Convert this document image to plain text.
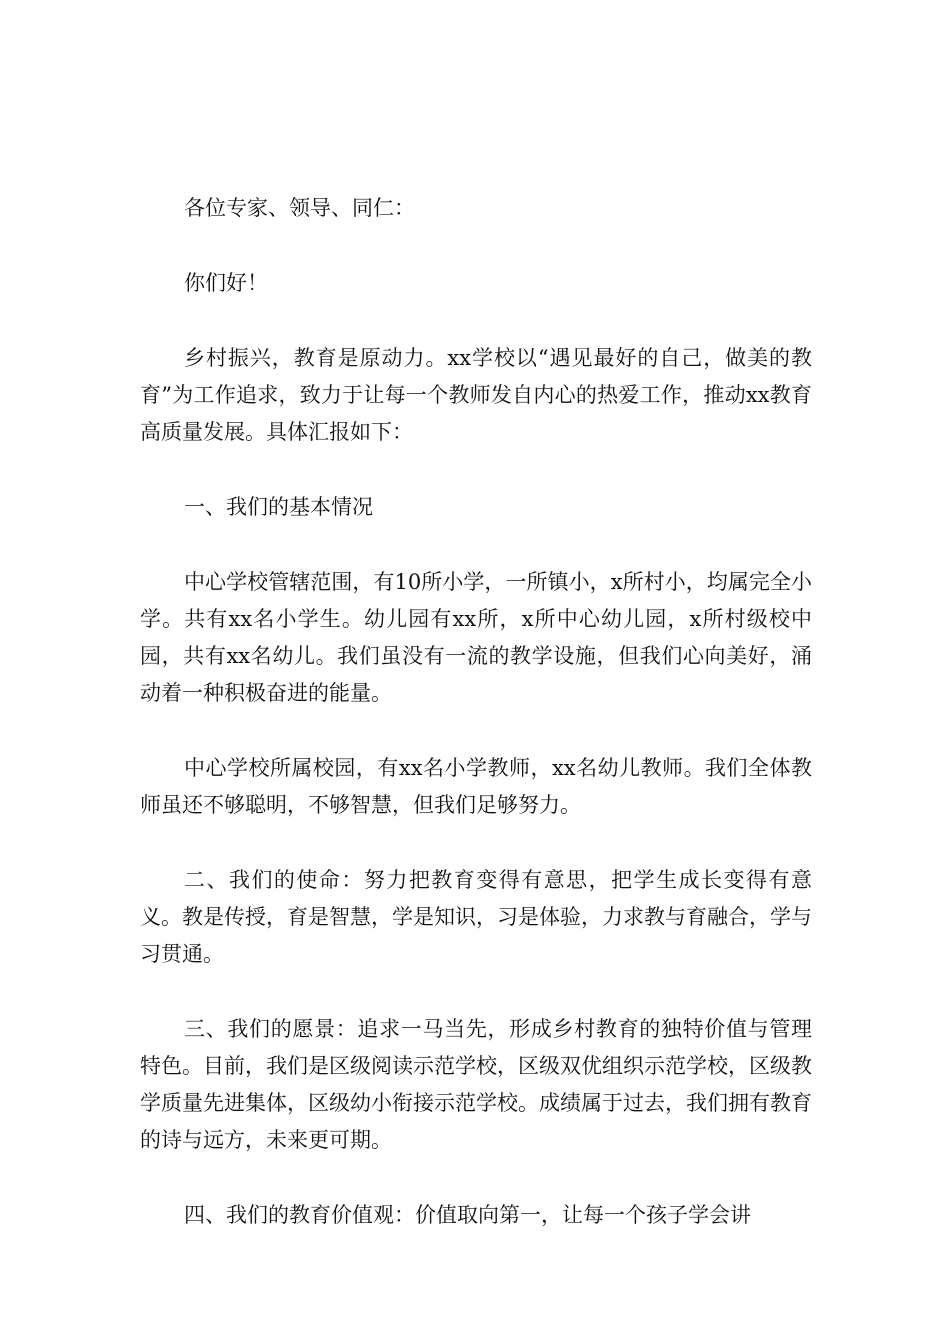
各位专家、领导、同仁：

你们好！

乡村振兴，教育是原动力。xx学校以“遇见最好的自己，做美的教育”为工作追求，致力于让每一个教师发自内心的热爱工作，推动xx教育高质量发展。具体汇报如下：

一、我们的基本情况

中心学校管辖范围，有10所小学，一所镇小，x所村小，均属完全小学。共有xx名小学生。幼儿园有xx所，x所中心幼儿园，x所村级校中园，共有xx名幼儿。我们虽没有一流的教学设施，但我们心向美好，涌动着一种积极奋进的能量。

中心学校所属校园，有xx名小学教师，xx名幼儿教师。我们全体教师虽还不够聪明，不够智慧，但我们足够努力。

二、我们的使命：努力把教育变得有意思，把学生成长变得有意义。教是传授，育是智慧，学是知识，习是体验，力求教与育融合，学与习贯通。

三、我们的愿景：追求一马当先，形成乡村教育的独特价值与管理特色。目前，我们是区级阅读示范学校，区级双优组织示范学校，区级教学质量先进集体，区级幼小衔接示范学校。成绩属于过去，我们拥有教育的诗与远方，未来更可期。

四、我们的教育价值观：价值取向第一，让每一个孩子学会讲
